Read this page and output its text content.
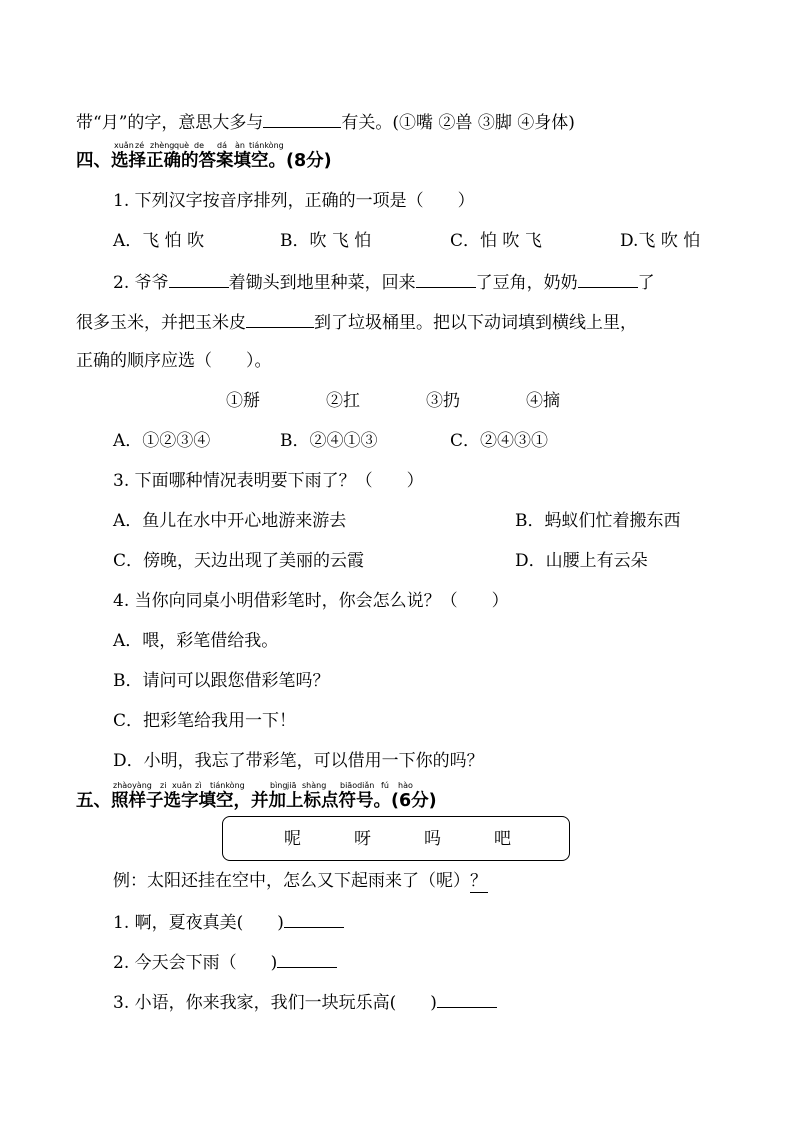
带“月”的字，意思大多与	有关。(①嘴 ②兽 ③脚 ④身体)
xuǎn zé zhèng què de dá àn tiánkòng
四、选择正确的答案填空。(8分)
1. 下列汉字按音序排列，正确的一项是（　　）
A．飞 怕 吹	B．吹 飞 怕	C．怕 吹 飞	D.飞 吹 怕
2. 爷爷	着锄头到地里种菜，回来	了豆角，奶奶	了
很多玉米，并把玉米皮	到了垃圾桶里。把以下动词填到横线上里，
正确的顺序应选（　　）。
①掰	②扛	③扔	④摘
A．①②③④	B．②④①③	C．②④③①
3. 下面哪种情况表明要下雨了？（　　）
A．鱼儿在水中开心地游来游去	B．蚂蚁们忙着搬东西
C．傍晚，天边出现了美丽的云霞	D．山腰上有云朵
4. 当你向同桌小明借彩笔时，你会怎么说？（　　）
A．喂，彩笔借给我。
B．请问可以跟您借彩笔吗？
C．把彩笔给我用一下！
D．小明，我忘了带彩笔，可以借用一下你的吗？
zhàoyàng zi xuǎn zì tiánkòng	bìng jiā shàng biāodiǎn fú hào
五、照样子选字填空，并加上标点符号。(6分)
呢	呀	吗	吧
例：太阳还挂在空中，怎么又下起雨来了（呢）？
1. 啊，夏夜真美(　　)
2. 今天会下雨（　　)
3. 小语，你来我家，我们一块玩乐高(　　)
